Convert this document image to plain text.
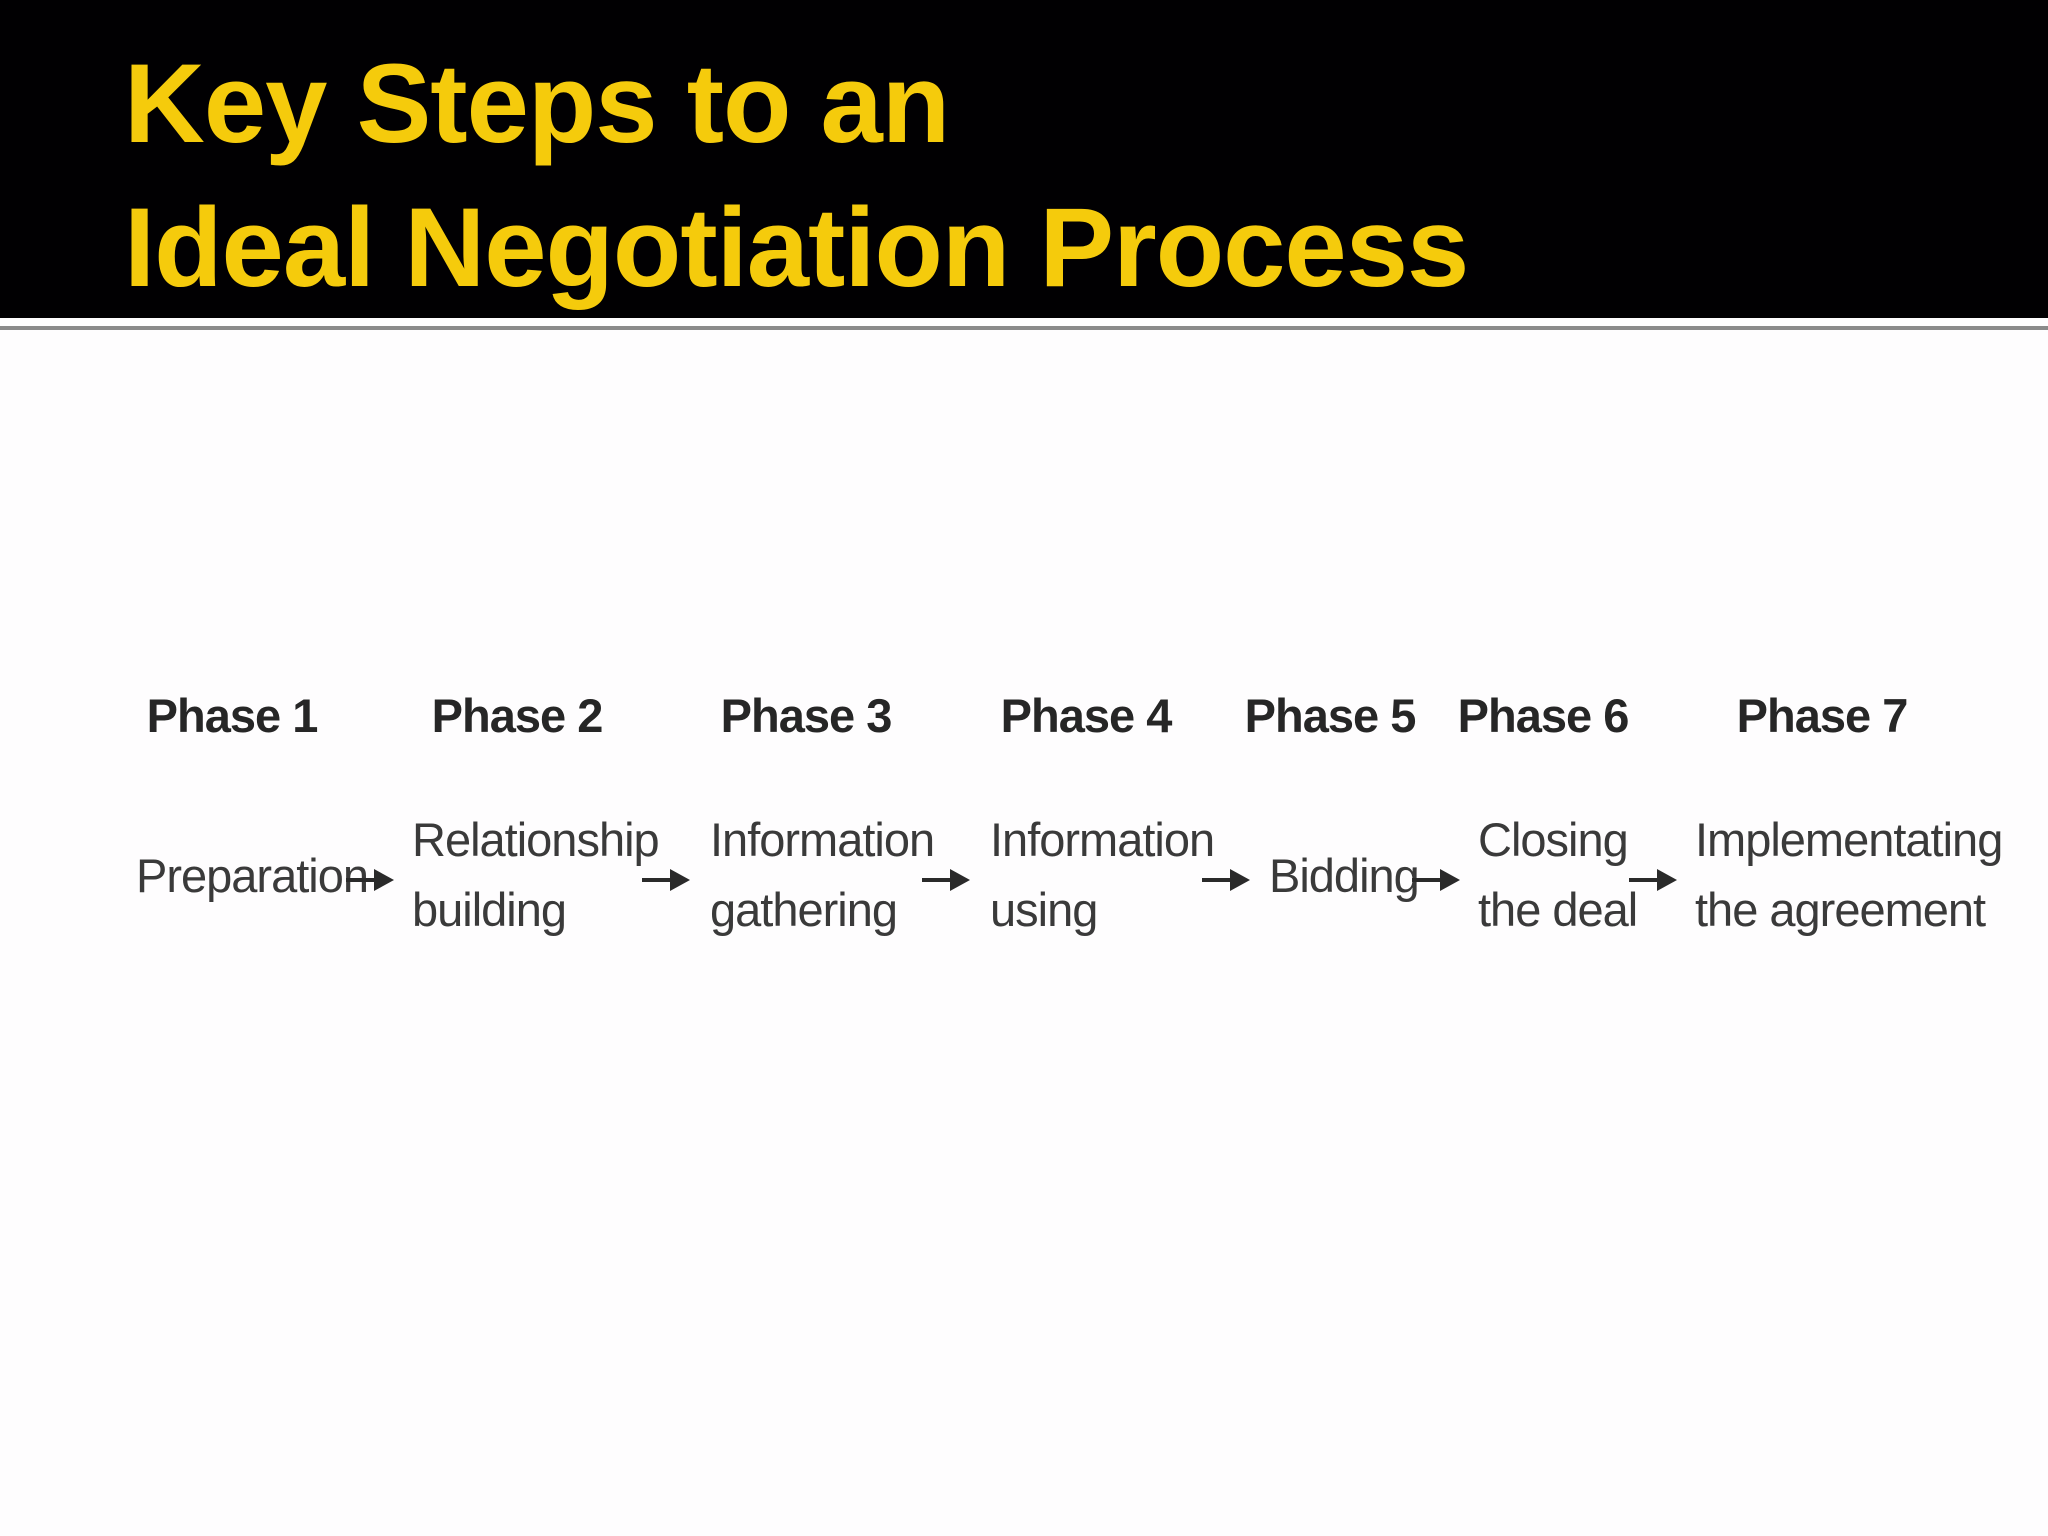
Key Steps to an
Ideal Negotiation Process
Phase 1 Phase 2	Phase 3 Phase 4 Phase 5 Phase 6 Phase 7
Preparation
Relationship
building
Information
gathering
Information
using
Bidding
Closing
the deal
Implementating
the agreement
